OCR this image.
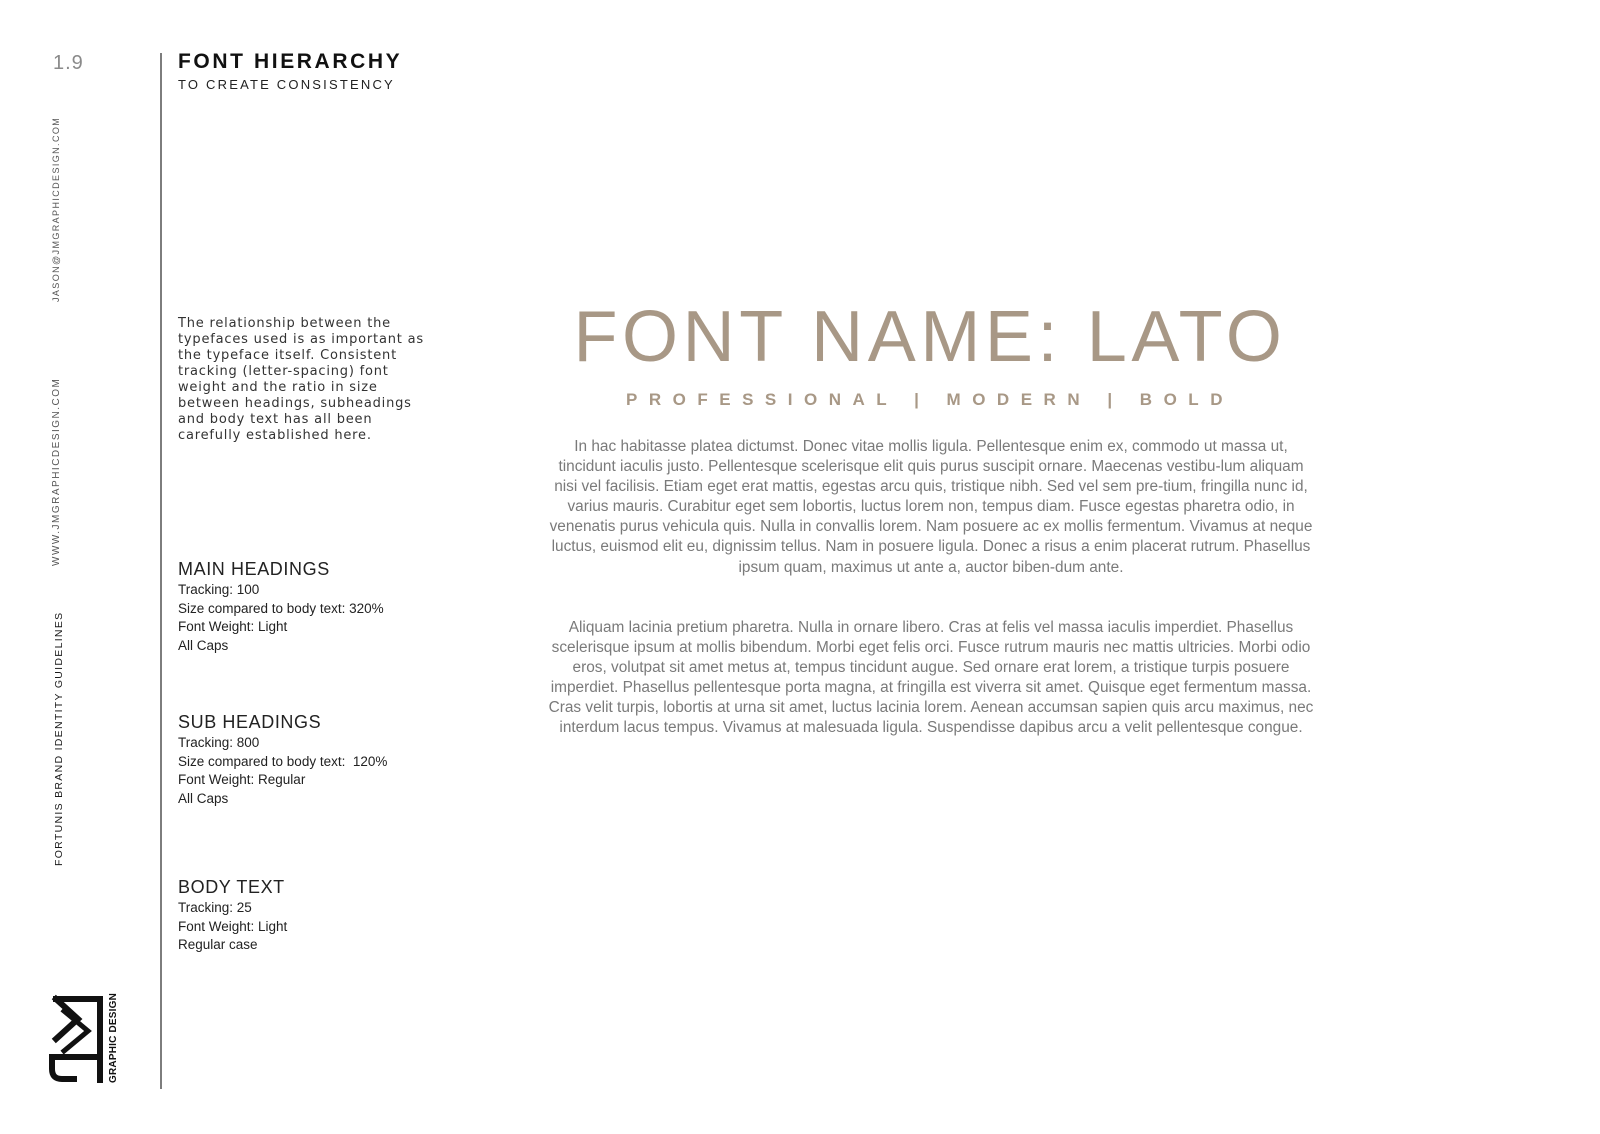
1.9
JASON@JMGRAPHICDESIGN.COM
WWW.JMGRAPHICDESIGN.COM
FORTUNIS BRAND IDENTITY GUIDELINES
FONT HIERARCHY
TO CREATE CONSISTENCY

The relationship between the typefaces used is as important as the typeface itself. Consistent tracking (letter-spacing) font weight and the ratio in size between headings, subheadings and body text has all been carefully established here.

MAIN HEADINGS
Tracking: 100
Size compared to body text: 320%
Font Weight: Light
All Caps
SUB HEADINGS
Tracking: 800
Size compared to body text:  120%
Font Weight: Regular
All Caps
BODY TEXT
Tracking: 25
Font Weight: Light
Regular case
FONT NAME: LATO
PROFESSIONAL | MODERN | BOLD

In hac habitasse platea dictumst. Donec vitae mollis ligula. Pellentesque enim ex, commodo ut massa ut, tincidunt iaculis justo. Pellentesque scelerisque elit quis purus suscipit ornare. Maecenas vestibu-lum aliquam nisi vel facilisis. Etiam eget erat mattis, egestas arcu quis, tristique nibh. Sed vel sem pre-tium, fringilla nunc id, varius mauris. Curabitur eget sem lobortis, luctus lorem non, tempus diam. Fusce egestas pharetra odio, in venenatis purus vehicula quis. Nulla in convallis lorem. Nam posuere ac ex mollis fermentum. Vivamus at neque luctus, euismod elit eu, dignissim tellus. Nam in posuere ligula. Donec a risus a enim placerat rutrum. Phasellus ipsum quam, maximus ut ante a, auctor biben-dum ante.

Aliquam lacinia pretium pharetra. Nulla in ornare libero. Cras at felis vel massa iaculis imperdiet. Phasellus scelerisque ipsum at mollis bibendum. Morbi eget felis orci. Fusce rutrum mauris nec mattis ultricies. Morbi odio eros, volutpat sit amet metus at, tempus tincidunt augue. Sed ornare erat lorem, a tristique turpis posuere imperdiet. Phasellus pellentesque porta magna, at fringilla est viverra sit amet. Quisque eget fermentum massa. Cras velit turpis, lobortis at urna sit amet, luctus lacinia lorem. Aenean accumsan sapien quis arcu maximus, nec interdum lacus tempus. Vivamus at malesuada ligula. Suspendisse dapibus arcu a velit pellentesque congue.

GRAPHIC DESIGN
